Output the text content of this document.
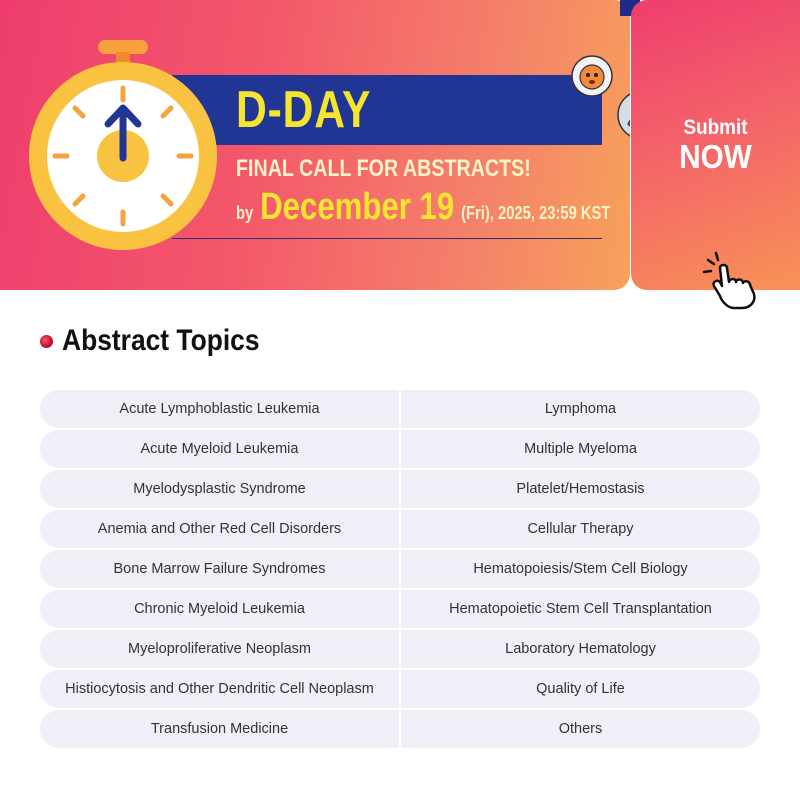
D-DAY
FINAL CALL FOR ABSTRACTS!
by December 19 (Fri), 2025, 23:59 KST
Submit
NOW
Abstract Topics
Acute Lymphoblastic Leukemia	Lymphoma
Acute Myeloid Leukemia	Multiple Myeloma
Myelodysplastic Syndrome	Platelet/Hemostasis
Anemia and Other Red Cell Disorders	Cellular Therapy
Bone Marrow Failure Syndromes	Hematopoiesis/Stem Cell Biology
Chronic Myeloid Leukemia	Hematopoietic Stem Cell Transplantation
Myeloproliferative Neoplasm	Laboratory Hematology
Histiocytosis and Other Dendritic Cell Neoplasm	Quality of Life
Transfusion Medicine	Others
